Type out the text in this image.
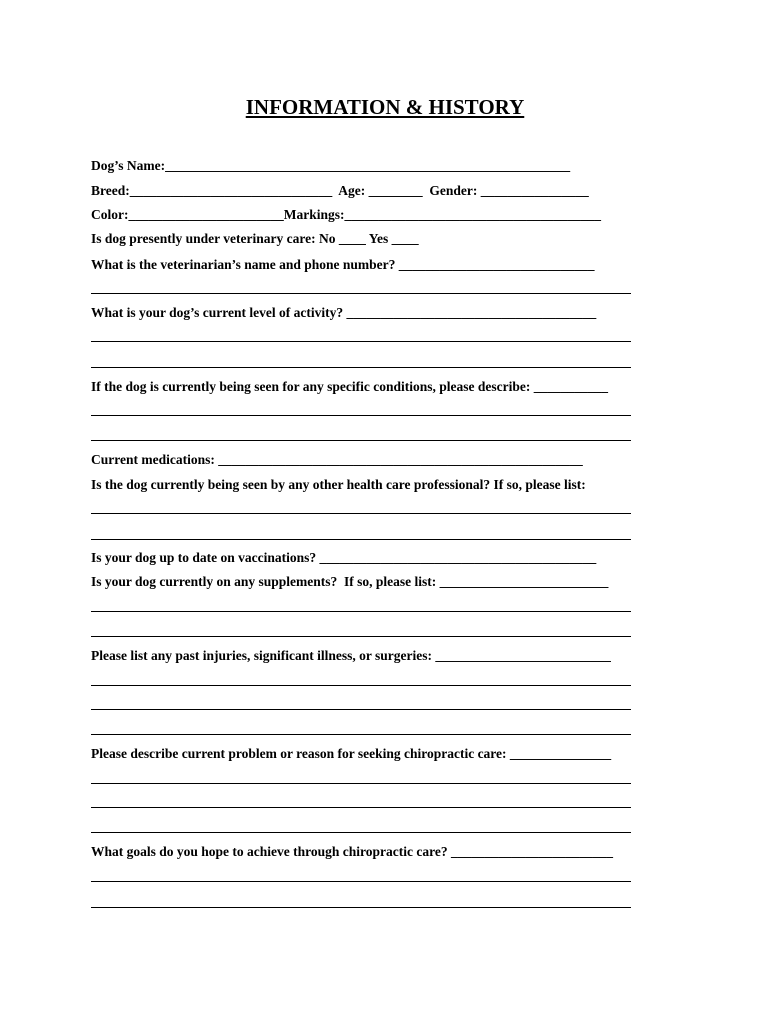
INFORMATION & HISTORY
Dog’s Name:____________________________________________________________
Breed:______________________________  Age: ________  Gender: ________________
Color:_______________________Markings:______________________________________
Is dog presently under veterinary care: No ____ Yes ____
What is the veterinarian’s name and phone number? _____________________________
What is your dog’s current level of activity? _____________________________________
If the dog is currently being seen for any specific conditions, please describe: ___________
Current medications: ______________________________________________________
Is the dog currently being seen by any other health care professional? If so, please list:
Is your dog up to date on vaccinations? _________________________________________
Is your dog currently on any supplements?  If so, please list: _________________________
Please list any past injuries, significant illness, or surgeries: __________________________
Please describe current problem or reason for seeking chiropractic care: _______________
What goals do you hope to achieve through chiropractic care? ________________________
